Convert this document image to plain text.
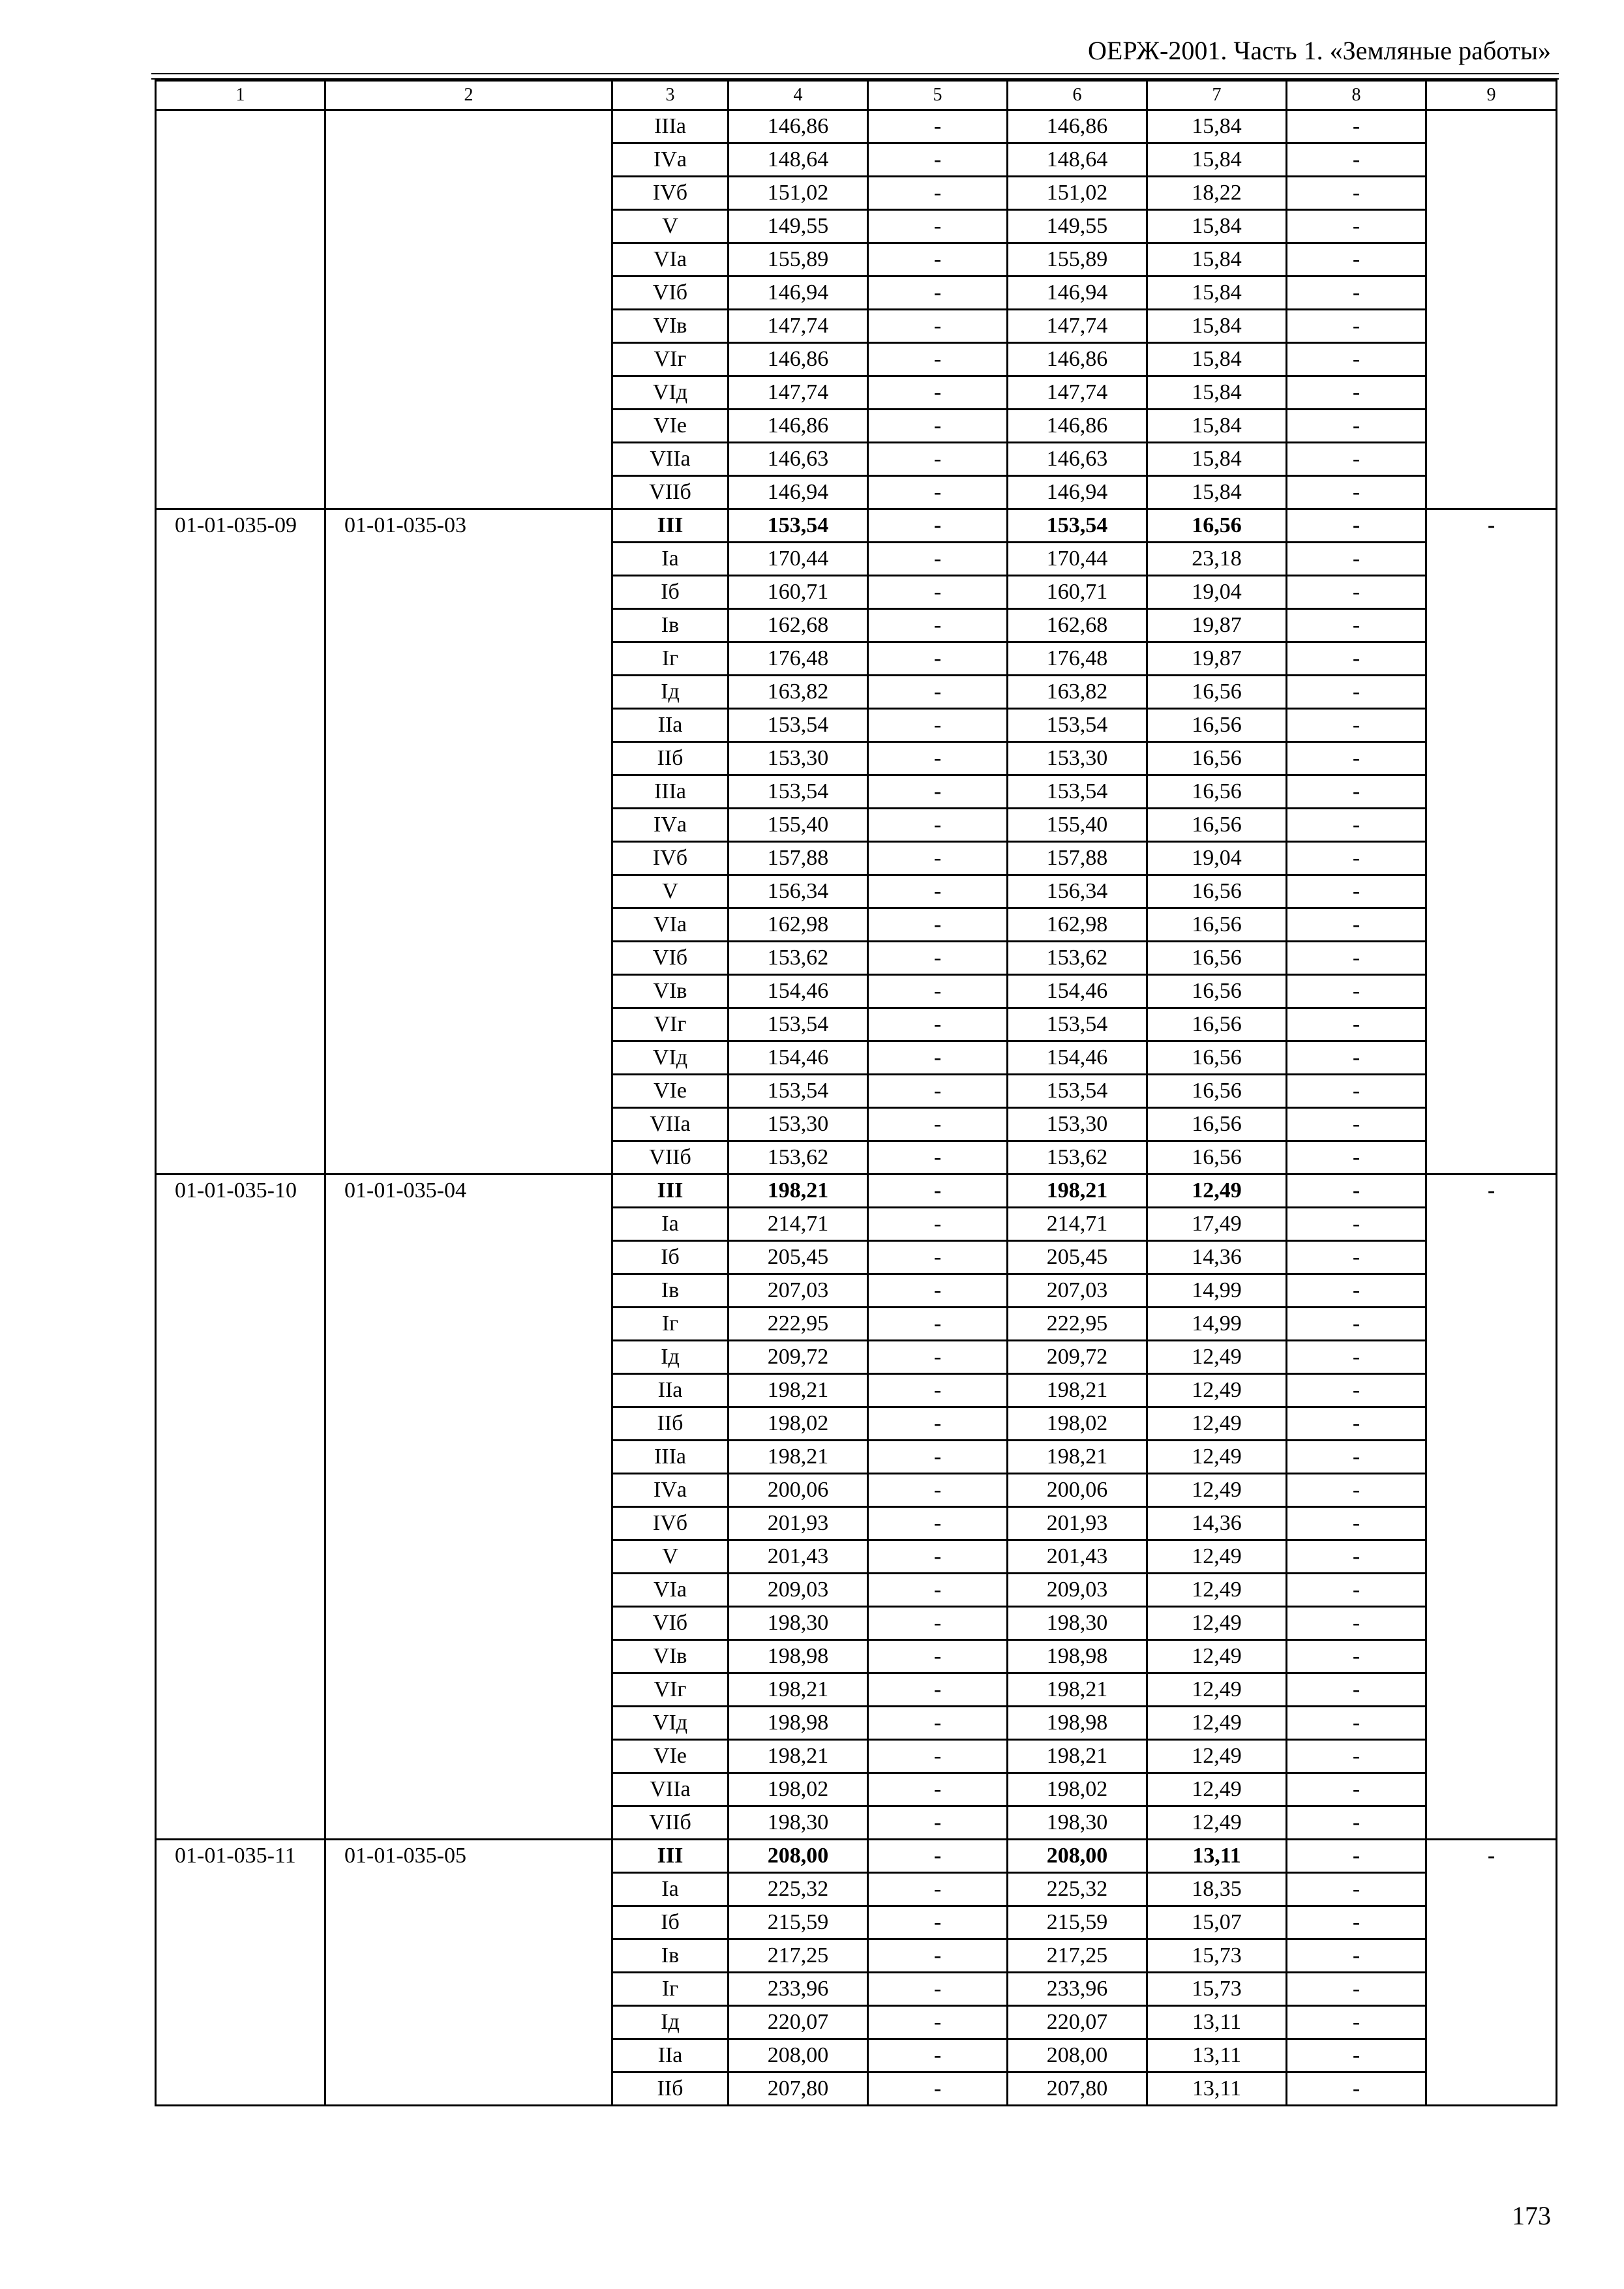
ОЕРЖ-2001. Часть 1. «Земляные работы»
1	2	3	4	5	6	7	8	9
		IIIа	146,86	-	146,86	15,84	-	
		IVа	148,64	-	148,64	15,84	-	
		IVб	151,02	-	151,02	18,22	-	
		V	149,55	-	149,55	15,84	-	
		VIа	155,89	-	155,89	15,84	-	
		VIб	146,94	-	146,94	15,84	-	
		VIв	147,74	-	147,74	15,84	-	
		VIг	146,86	-	146,86	15,84	-	
		VIд	147,74	-	147,74	15,84	-	
		VIе	146,86	-	146,86	15,84	-	
		VIIа	146,63	-	146,63	15,84	-	
		VIIб	146,94	-	146,94	15,84	-	
01-01-035-09	01-01-035-03	III	153,54	-	153,54	16,56	-	-
		Iа	170,44	-	170,44	23,18	-	
		Iб	160,71	-	160,71	19,04	-	
		Iв	162,68	-	162,68	19,87	-	
		Iг	176,48	-	176,48	19,87	-	
		Iд	163,82	-	163,82	16,56	-	
		IIа	153,54	-	153,54	16,56	-	
		IIб	153,30	-	153,30	16,56	-	
		IIIа	153,54	-	153,54	16,56	-	
		IVа	155,40	-	155,40	16,56	-	
		IVб	157,88	-	157,88	19,04	-	
		V	156,34	-	156,34	16,56	-	
		VIа	162,98	-	162,98	16,56	-	
		VIб	153,62	-	153,62	16,56	-	
		VIв	154,46	-	154,46	16,56	-	
		VIг	153,54	-	153,54	16,56	-	
		VIд	154,46	-	154,46	16,56	-	
		VIе	153,54	-	153,54	16,56	-	
		VIIа	153,30	-	153,30	16,56	-	
		VIIб	153,62	-	153,62	16,56	-	
01-01-035-10	01-01-035-04	III	198,21	-	198,21	12,49	-	-
		Iа	214,71	-	214,71	17,49	-	
		Iб	205,45	-	205,45	14,36	-	
		Iв	207,03	-	207,03	14,99	-	
		Iг	222,95	-	222,95	14,99	-	
		Iд	209,72	-	209,72	12,49	-	
		IIа	198,21	-	198,21	12,49	-	
		IIб	198,02	-	198,02	12,49	-	
		IIIа	198,21	-	198,21	12,49	-	
		IVа	200,06	-	200,06	12,49	-	
		IVб	201,93	-	201,93	14,36	-	
		V	201,43	-	201,43	12,49	-	
		VIа	209,03	-	209,03	12,49	-	
		VIб	198,30	-	198,30	12,49	-	
		VIв	198,98	-	198,98	12,49	-	
		VIг	198,21	-	198,21	12,49	-	
		VIд	198,98	-	198,98	12,49	-	
		VIе	198,21	-	198,21	12,49	-	
		VIIа	198,02	-	198,02	12,49	-	
		VIIб	198,30	-	198,30	12,49	-	
01-01-035-11	01-01-035-05	III	208,00	-	208,00	13,11	-	-
		Iа	225,32	-	225,32	18,35	-	
		Iб	215,59	-	215,59	15,07	-	
		Iв	217,25	-	217,25	15,73	-	
		Iг	233,96	-	233,96	15,73	-	
		Iд	220,07	-	220,07	13,11	-	
		IIа	208,00	-	208,00	13,11	-	
		IIб	207,80	-	207,80	13,11	-	
173
